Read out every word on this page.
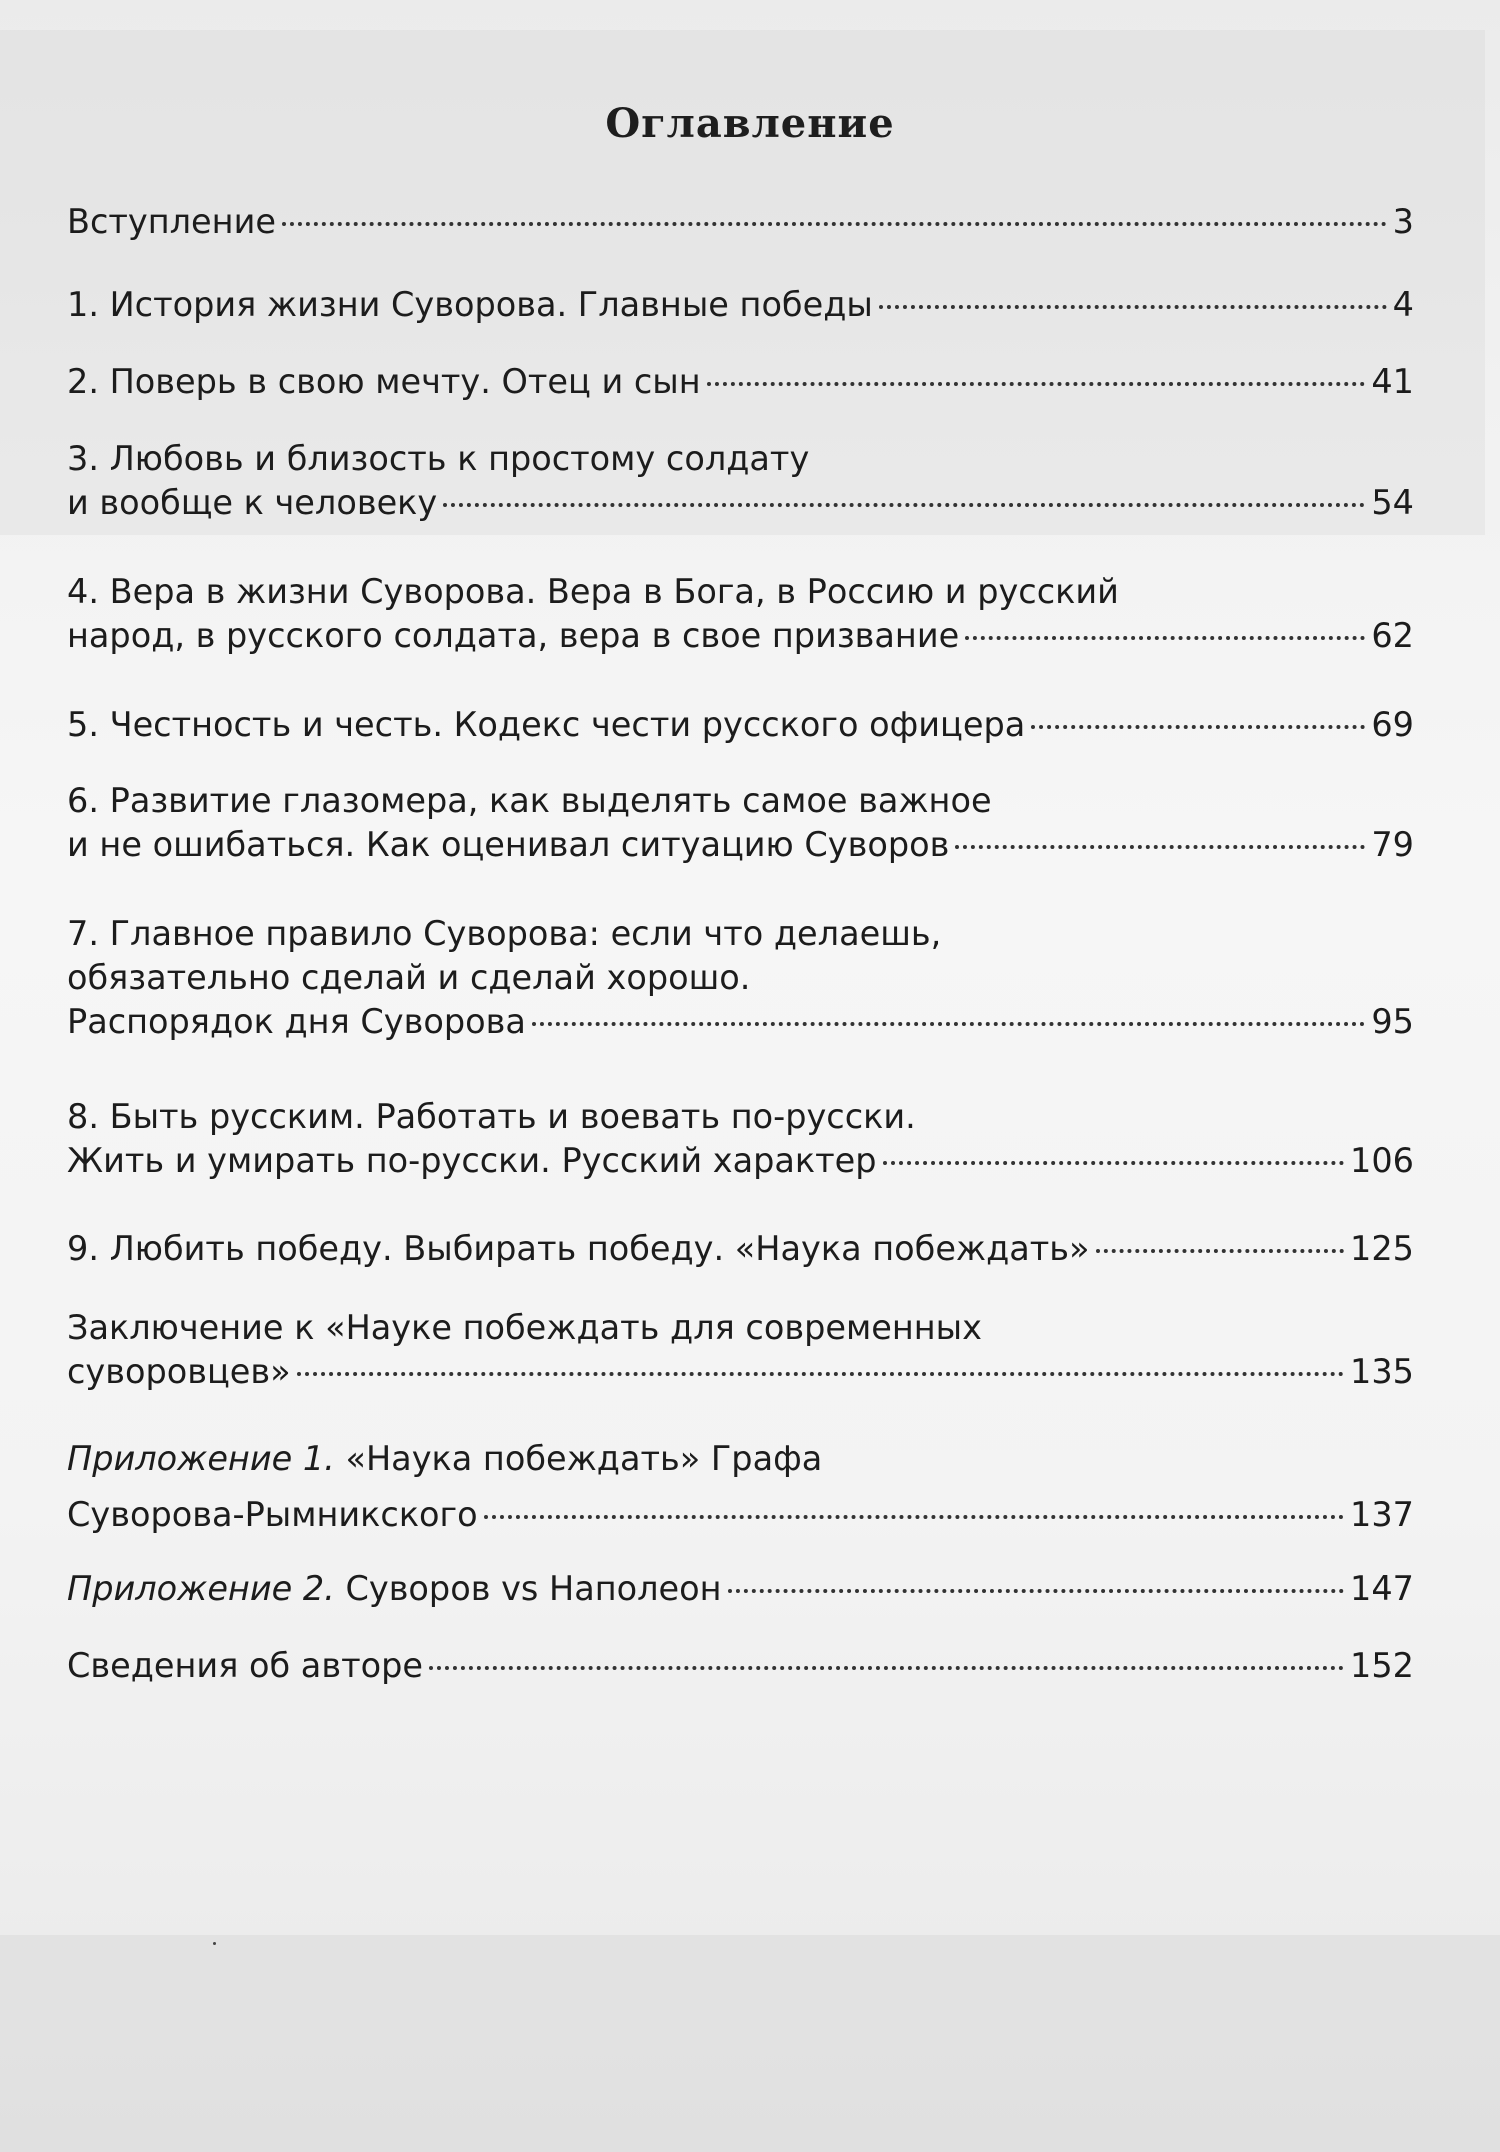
Оглавление
Вступление	3
1. История жизни Суворова. Главные победы	4
2. Поверь в свою мечту. Отец и сын	41
3. Любовь и близость к простому солдату
и вообще к человеку	54
4. Вера в жизни Суворова. Вера в Бога, в Россию и русский
народ, в русского солдата, вера в свое призвание	62
5. Честность и честь. Кодекс чести русского офицера	69
6. Развитие глазомера, как выделять самое важное
и не ошибаться. Как оценивал ситуацию Суворов	79
7. Главное правило Суворова: если что делаешь,
обязательно сделай и сделай хорошо.
Распорядок дня Суворова	95
8. Быть русским. Работать и воевать по-русски.
Жить и умирать по-русски. Русский характер	106
9. Любить победу. Выбирать победу. «Наука побеждать»	125
Заключение к «Науке побеждать для современных
суворовцев»	135
Приложение 1. «Наука побеждать» Графа
Суворова-Рымникского	137
Приложение 2. Суворов vs Наполеон	147
Сведения об авторе	152
